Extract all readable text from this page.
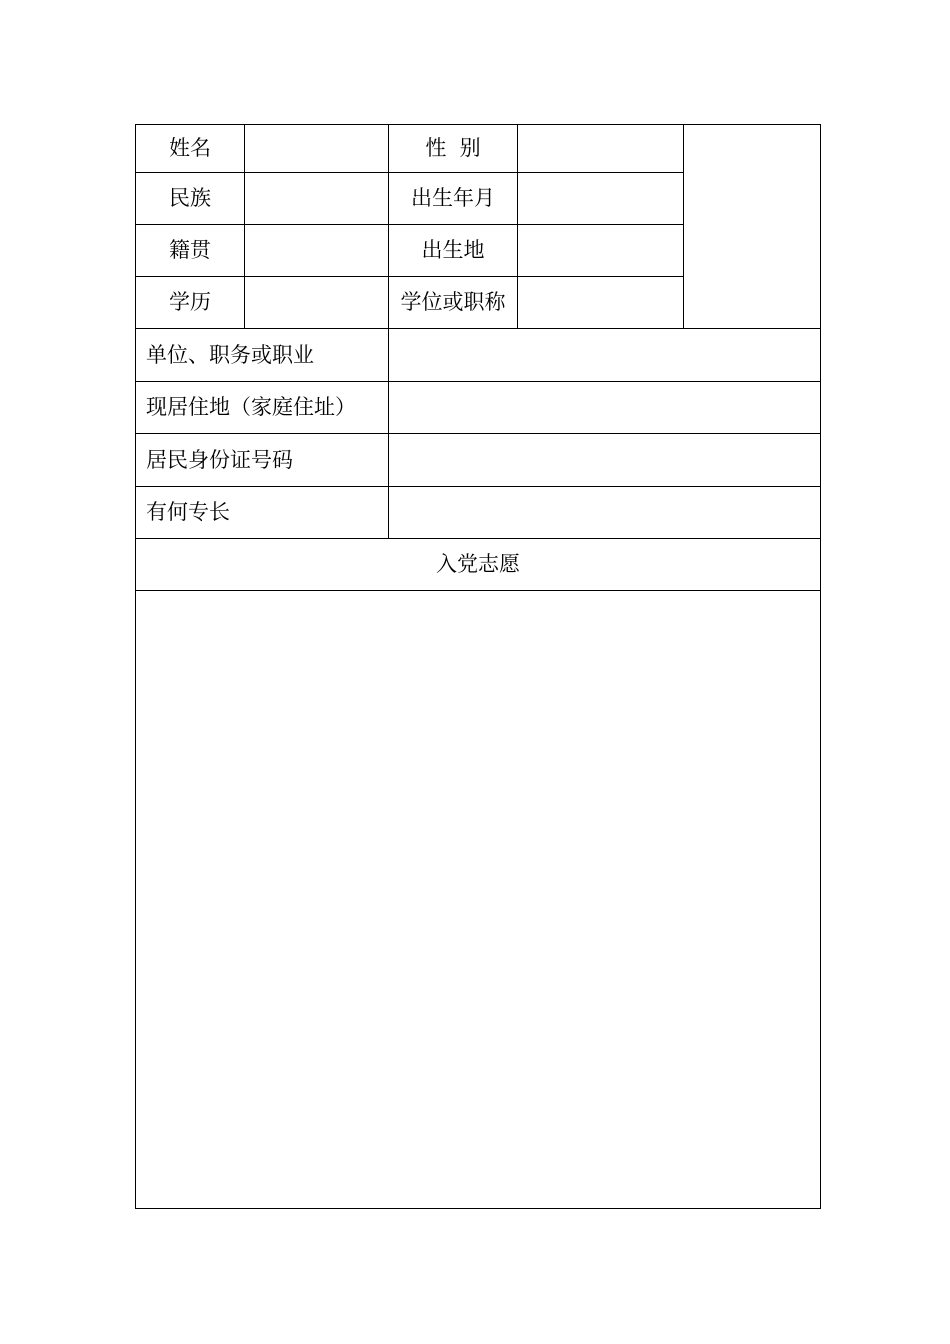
姓名		性  别		
民族		出生年月		
籍贯		出生地		
学历		学位或职称		
单位、职务或职业				
现居住地（家庭住址）				
居民身份证号码				
有何专长				
入党志愿				
